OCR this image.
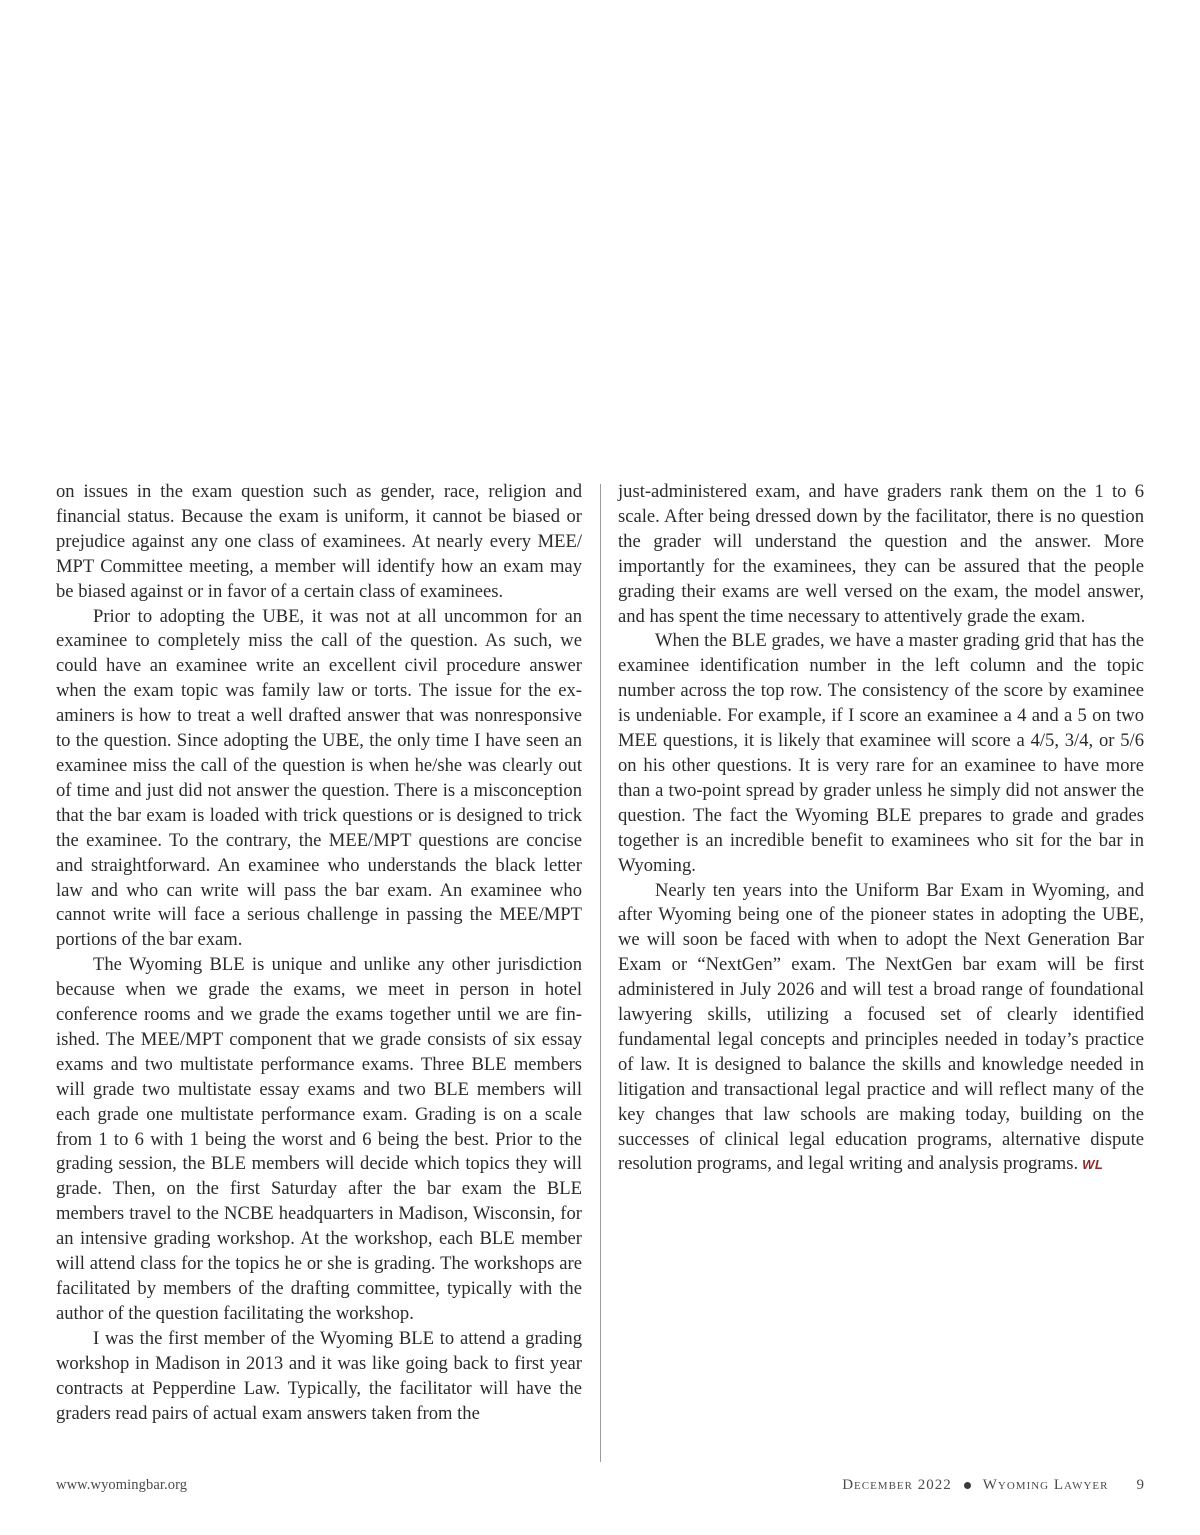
on issues in the exam question such as gender, race, religion and financial status. Because the exam is uniform, it cannot be biased or prejudice against any one class of examinees. At nearly every MEE/​MPT Committee meeting, a member will identify how an exam may be biased against or in favor of a certain class of examinees.

Prior to adopting the UBE, it was not at all uncommon for an examinee to completely miss the call of the question. As such, we could have an examinee write an excellent civil procedure answer when the exam topic was family law or torts. The issue for the examiners is how to treat a well drafted answer that was nonresponsive to the question. Since adopting the UBE, the only time I have seen an examinee miss the call of the question is when he/she was clearly out of time and just did not answer the question. There is a misconception that the bar exam is loaded with trick questions or is designed to trick the examinee. To the contrary, the MEE/​MPT questions are concise and straightforward. An examinee who understands the black letter law and who can write will pass the bar exam. An examinee who cannot write will face a serious challenge in passing the MEE/MPT portions of the bar exam.

The Wyoming BLE is unique and unlike any other jurisdiction because when we grade the exams, we meet in person in hotel conference rooms and we grade the exams together until we are finished. The MEE/MPT component that we grade consists of six essay exams and two multistate performance exams. Three BLE members will grade two multistate essay exams and two BLE members will each grade one multistate performance exam. Grading is on a scale from 1 to 6 with 1 being the worst and 6 being the best. Prior to the grading session, the BLE members will decide which topics they will grade. Then, on the first Saturday after the bar exam the BLE members travel to the NCBE headquarters in Madison, Wisconsin, for an intensive grading workshop. At the workshop, each BLE member will attend class for the topics he or she is grading. The workshops are facilitated by members of the drafting committee, typically with the author of the question facilitating the workshop.

I was the first member of the Wyoming BLE to attend a grading workshop in Madison in 2013 and it was like going back to first year contracts at Pepperdine Law. Typically, the facilitator will have the graders read pairs of actual exam answers taken from the

just-administered exam, and have graders rank them on the 1 to 6 scale. After being dressed down by the facilitator, there is no question the grader will understand the question and the answer. More importantly for the examinees, they can be assured that the people grading their exams are well versed on the exam, the model answer, and has spent the time necessary to attentively grade the exam.

When the BLE grades, we have a master grading grid that has the examinee identification number in the left column and the topic number across the top row. The consistency of the score by examinee is undeniable. For example, if I score an examinee a 4 and a 5 on two MEE questions, it is likely that examinee will score a 4/5, 3/4, or 5/6 on his other questions. It is very rare for an examinee to have more than a two-point spread by grader unless he simply did not answer the question. The fact the Wyoming BLE prepares to grade and grades together is an incredible benefit to examinees who sit for the bar in Wyoming.

Nearly ten years into the Uniform Bar Exam in Wyoming, and after Wyoming being one of the pioneer states in adopting the UBE, we will soon be faced with when to adopt the Next Generation Bar Exam or “NextGen” exam. The NextGen bar exam will be first administered in July 2026 and will test a broad range of foundational lawyering skills, utilizing a focused set of clearly identified fundamental legal concepts and principles needed in today’s practice of law. It is designed to balance the skills and knowledge needed in litigation and transactional legal practice and will reflect many of the key changes that law schools are making today, building on the successes of clinical legal education programs, alternative dispute resolution programs, and legal writing and analysis programs. WL

www.wyomingbar.org	December 2022 Wyoming Lawyer 9
